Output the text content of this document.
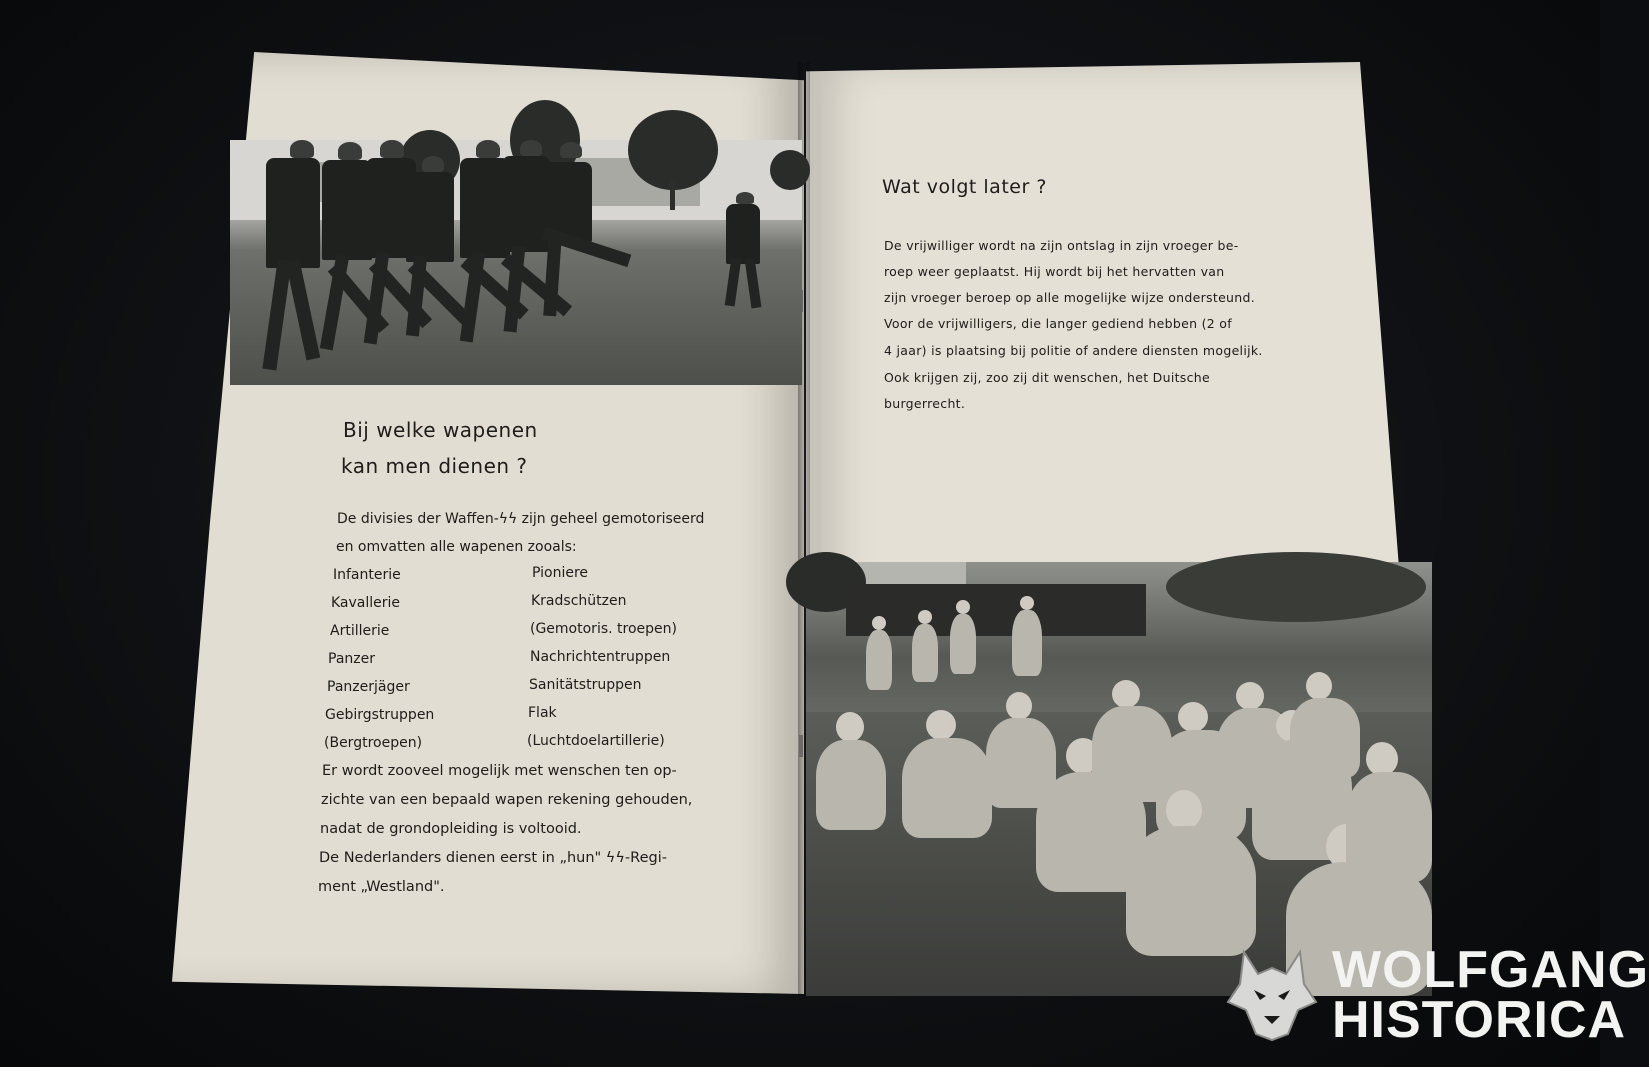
Wat volgt later ?
De vrijwilliger wordt na zijn ontslag in zijn vroeger be-
roep weer geplaatst. Hij wordt bij het hervatten van
zijn vroeger beroep op alle mogelijke wijze ondersteund.
Voor de vrijwilligers, die langer gediend hebben (2 of
4 jaar) is plaatsing bij politie of andere diensten mogelijk.
Ook krijgen zij, zoo zij dit wenschen, het Duitsche
burgerrecht.
Bij welke wapenen
kan men dienen ?
De divisies der Waffen-ϟϟ zijn geheel gemotoriseerd
en omvatten alle wapenen zooals:
Infanterie
Kavallerie
Artillerie
Panzer
Panzerjäger
Gebirgstruppen
(Bergtroepen)
Pioniere
Kradschützen
(Gemotoris. troepen)
Nachrichtentruppen
Sanitätstruppen
Flak
(Luchtdoelartillerie)
Er wordt zooveel mogelijk met wenschen ten op-
zichte van een bepaald wapen rekening gehouden,
nadat de grondopleiding is voltooid.
De Nederlanders dienen eerst in „hun" ϟϟ-Regi-
ment „Westland".
WOLFGANG
HISTORICA
